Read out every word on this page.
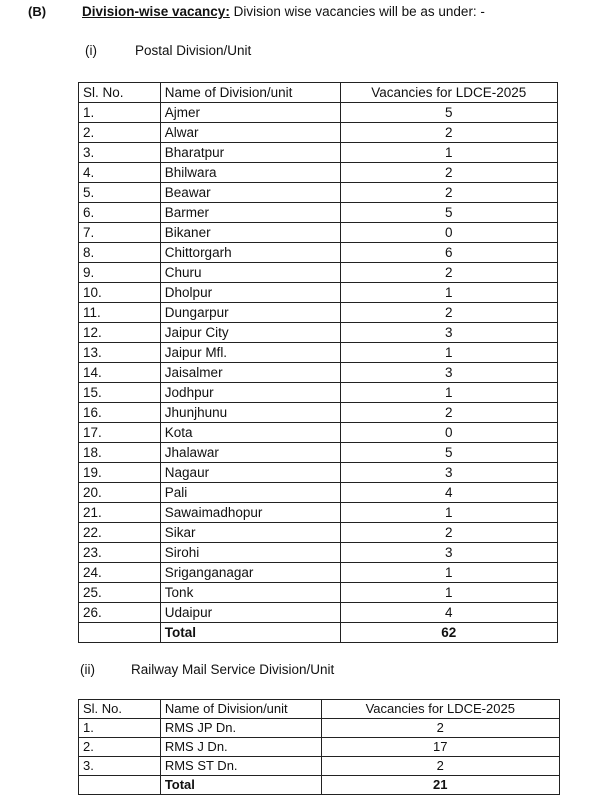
(B)	Division-wise vacancy: Division wise vacancies will be as under: -
(i)	Postal Division/Unit
Sl. No.	Name of Division/unit	Vacancies for LDCE-2025
1.	Ajmer	5
2.	Alwar	2
3.	Bharatpur	1
4.	Bhilwara	2
5.	Beawar	2
6.	Barmer	5
7.	Bikaner	0
8.	Chittorgarh	6
9.	Churu	2
10.	Dholpur	1
11.	Dungarpur	2
12.	Jaipur City	3
13.	Jaipur Mfl.	1
14.	Jaisalmer	3
15.	Jodhpur	1
16.	Jhunjhunu	2
17.	Kota	0
18.	Jhalawar	5
19.	Nagaur	3
20.	Pali	4
21.	Sawaimadhopur	1
22.	Sikar	2
23.	Sirohi	3
24.	Sriganganagar	1
25.	Tonk	1
26.	Udaipur	4
	Total	62
(ii)	Railway Mail Service Division/Unit
Sl. No.	Name of Division/unit	Vacancies for LDCE-2025
1.	RMS JP Dn.	2
2.	RMS J Dn.	17
3.	RMS ST Dn.	2
	Total	21
